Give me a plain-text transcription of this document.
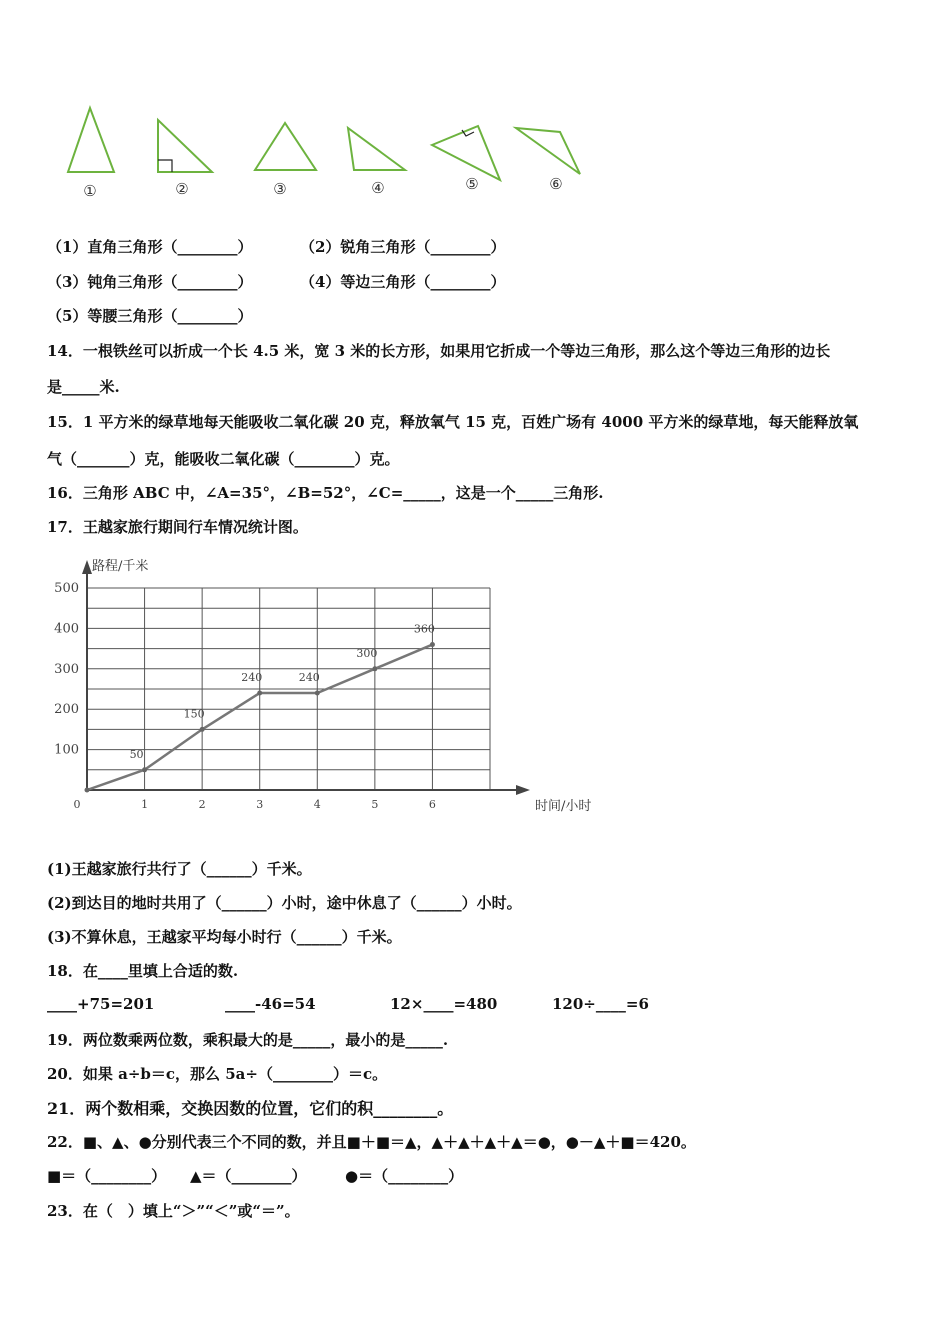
①	②	③	④	⑤	⑥
（1）直角三角形（________）	（2）锐角三角形（________）
（3）钝角三角形（________）	（4）等边三角形（________）
（5）等腰三角形（________）
14．一根铁丝可以折成一个长 4.5 米，宽 3 米的长方形，如果用它折成一个等边三角形，那么这个等边三角形的边长
是_____米.
15．1 平方米的绿草地每天能吸收二氧化碳 20 克，释放氧气 15 克，百姓广场有 4000 平方米的绿草地，每天能释放氧
气（_______）克，能吸收二氧化碳（________）克。
16．三角形 ABC 中，∠A=35°，∠B=52°，∠C=_____，这是一个_____三角形.
17．王越家旅行期间行车情况统计图。
路程/千米
时间/小时
100
200
300
400
500
0	1	2	3	4	5	6
50
150
240	240
300
360
(1)王越家旅行共行了（______）千米。
(2)到达目的地时共用了（______）小时，途中休息了（______）小时。
(3)不算休息，王越家平均每小时行（______）千米。
18．在____里填上合适的数.
____+75=201	____-46=54	12×____=480	120÷____=6
19．两位数乘两位数，乘积最大的是_____，最小的是_____.
20．如果 a÷b＝c，那么 5a÷（________）＝c。
21．两个数相乘，交换因数的位置，它们的积________。
22．■、▲、●分别代表三个不同的数，并且■＋■＝▲，▲＋▲＋▲＋▲＝●，●－▲＋■＝420。
■＝（________） ▲＝（________）	●＝（________）
23．在（　）填上“＞”“＜”或“＝”。
